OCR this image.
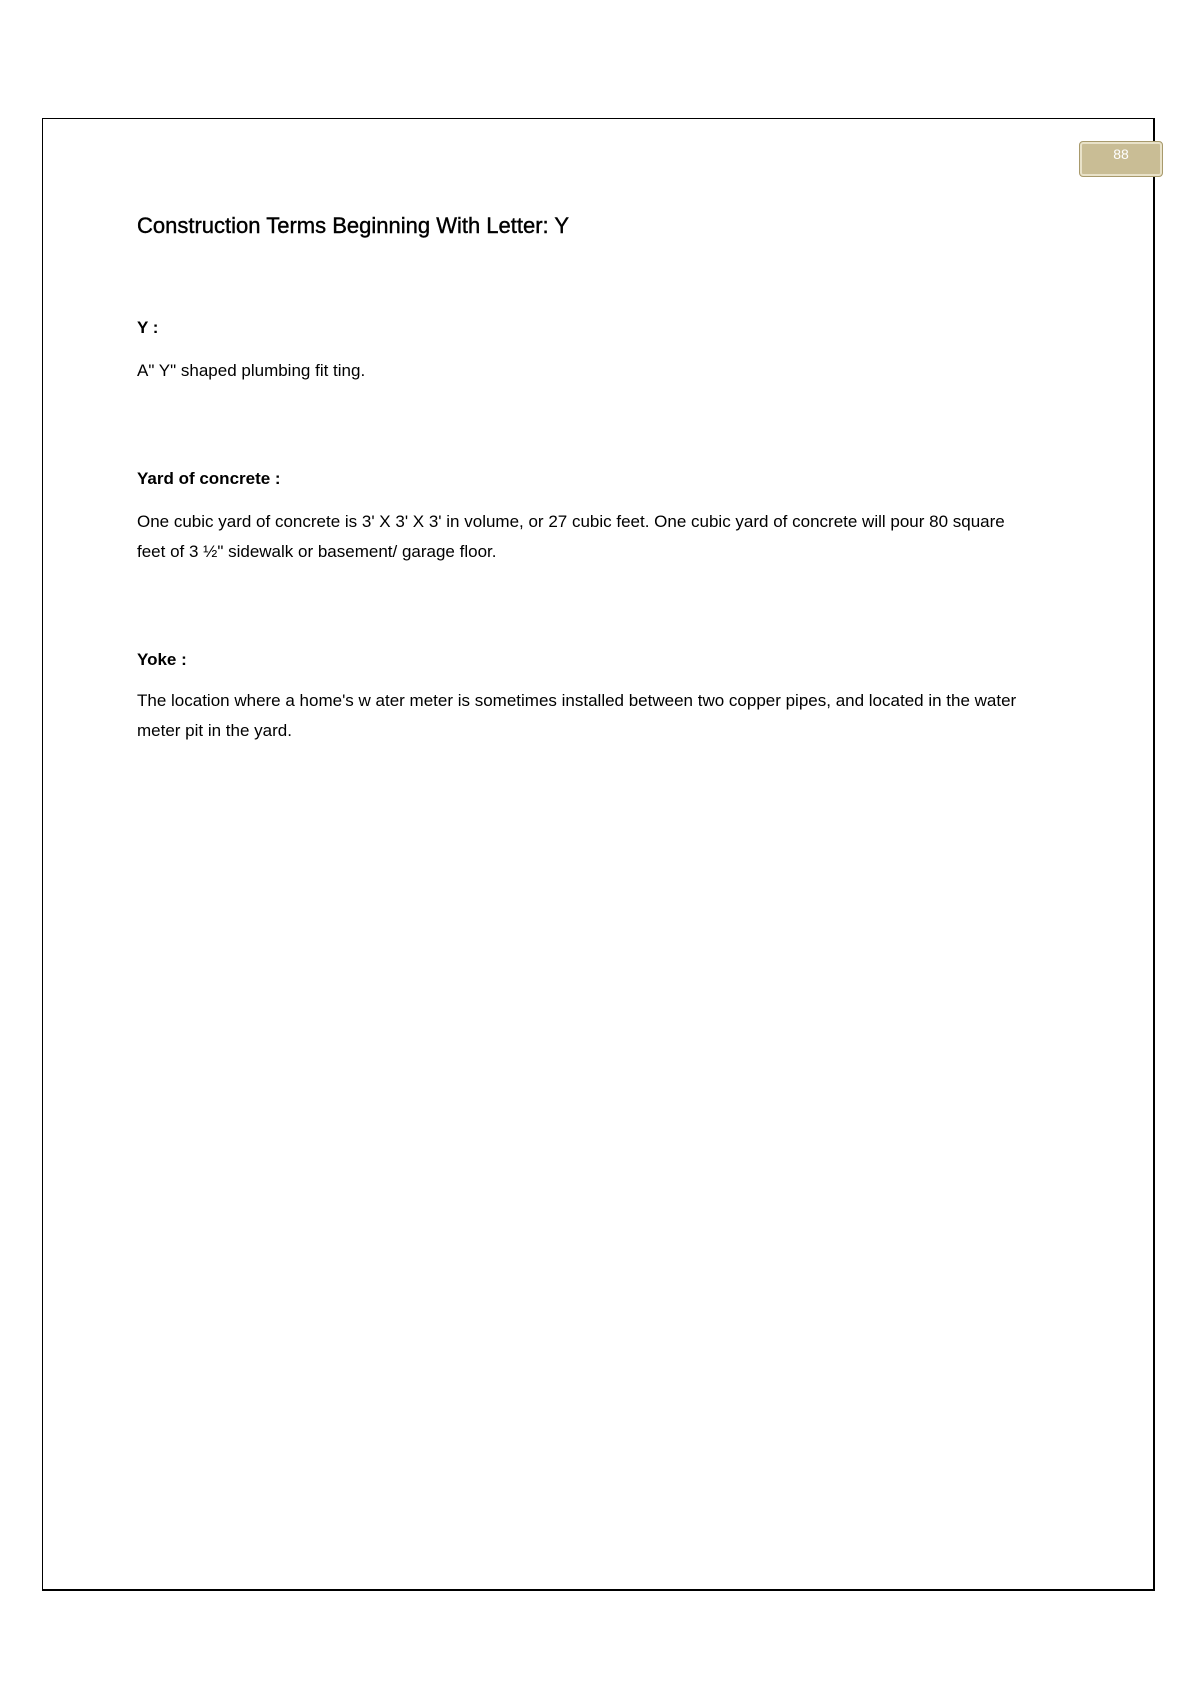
88
Construction Terms Beginning With Letter: Y

Y :

A" Y" shaped plumbing fit ting.

Yard of concrete :

One cubic yard of concrete is 3' X 3' X 3' in volume, or 27 cubic feet. One cubic yard of concrete will pour 80 square feet of 3 ½" sidewalk or basement/ garage floor.

Yoke :

The location where a home's w ater meter is sometimes installed between two copper pipes, and located in the water meter pit in the yard.
